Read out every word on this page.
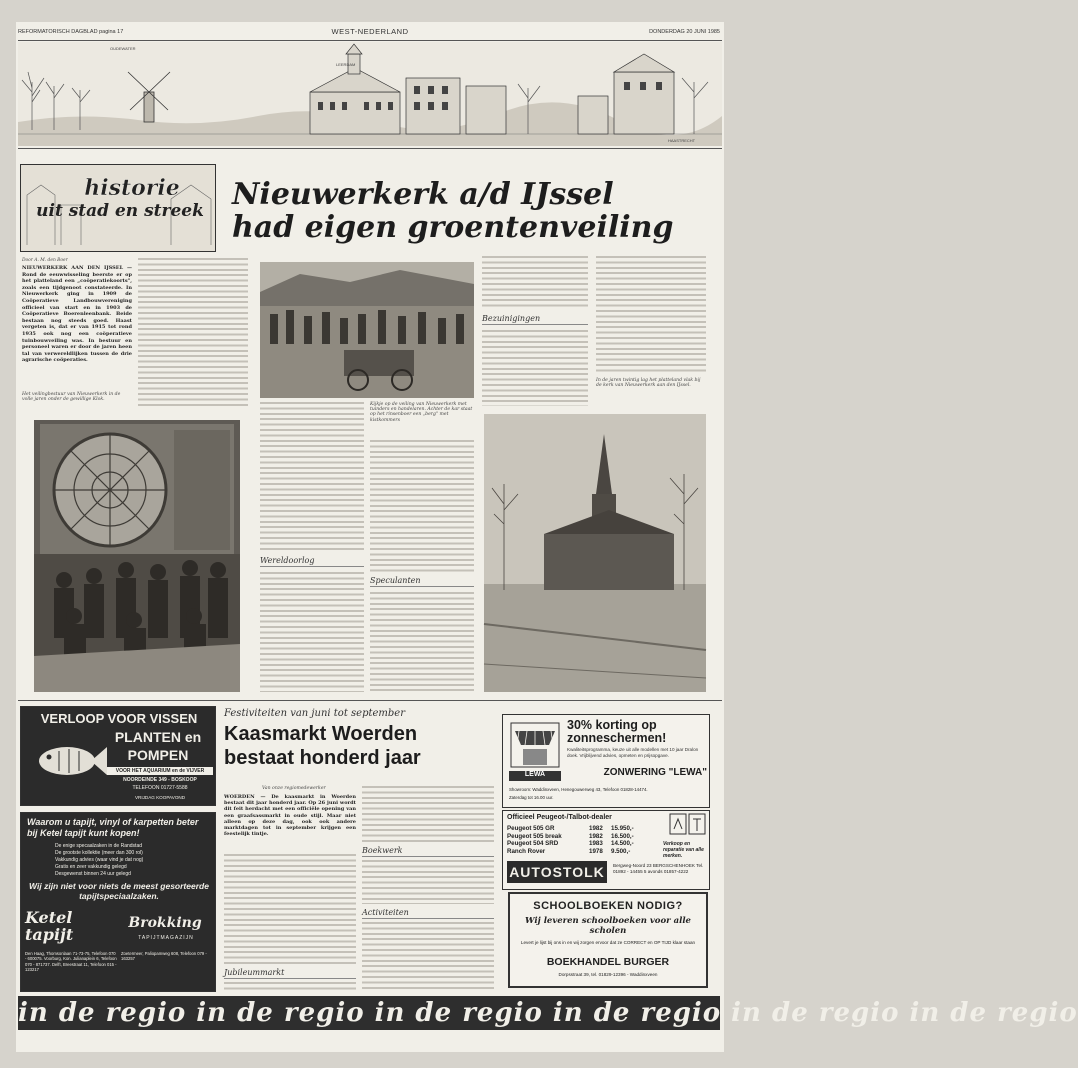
REFORMATORISCH DAGBLAD pagina 17	WEST-NEDERLAND	DONDERDAG 20 JUNI 1985
OUDEWATER
LEERDAM
HAASTRECHT
historie
uit stad en streek Nieuwerkerk a/d IJssel
had eigen groentenveiling
Door A. M. den Boer
NIEUWERKERK AAN DEN IJSSEL — Rond de eeuwwisseling beerste er op het platteland een „coöperatiekoorts", zoals een tijdgenoot constateerde. In Nieuwerkerk ging in 1909 de Coöperatieve Landbouwvereniging officieel van start en in 1903 de Coöperatieve Boerenleenbank. Beide bestaan nog steeds goed. Haast vergeten is, dat er van 1915 tot rond 1935 ook nog een coöperatieve tuinbouwveiling was. In bestuur en personeel waren er door de jaren heen tal van verwereldlijken tussen de drie agrarische coöperaties.
Het veilingbestuur van Nieuwerkerk in de volle jaren onder de gewillige Klok.
Kijkje op de veiling van Nieuwerkerk met tuinders en handelaren. Achter de kar staat op het rinsenboer een „berg" met kistkommers
Wereldoorlog
Speculanten
Bezuinigingen
In de jaren twintig lag het platteland vlak bij de kerk van Nieuwerkerk aan den IJssel.
VERLOOP VOOR VISSEN
PLANTEN en
POMPEN
VOOR HET AQUARIUM en de VIJVER
NOORDEINDE 349 - BOSKOOP
TELEFOON 01727-5588
VRIJDAG KOOPAVOND
Waarom u tapijt, vinyl of karpetten beter bij Ketel tapijt kunt kopen!
De enige specaalzaken in de Randstad
De grootste kollektie (meer dan 300 rol)
Vakkundig advies (waar vind je dat nog)
Gratis en zeer vakkundig gelegd
Desgewenst binnen 24 uur gelegd
Wij zijn niet voor niets de meest gesorteerde tapijtspeciaalzaken.
Ketel tapijt
Brokking
TAPIJTMAGAZIJN
Den Haag, Thomsonlaan 71-73-75, Telefoon 070 - 600075. Voorburg, Kon. Julianaplein 6, Telefoon 070 - 871737. Delft, Breestraat 11, Telefoon 015 - 123217
Zoetermeer, Paliopamweg 608, Telefoon 079 - 163257
Festiviteiten van juni tot september
Kaasmarkt Woerden
bestaat honderd jaar
Van onze regiomedewerker
WOERDEN — De kaasmarkt in Woerden bestaat dit jaar honderd jaar. Op 26 juni wordt dit feit herdacht met een officiële opening van een graafsassmarkt in oude stijl. Maar niet alleen op deze dag, ook ook andere marktdagen tot in september krijgen een feestelijk tintje.
Jubileummarkt
Boekwerk
Activiteiten
LEWA
30% korting op zonneschermen!
Kwaliteitsprogramma, keuze uit alle modellen met 10 jaar Dralon doek. Vrijblijvend advies, opmeten en prijsopgave.
ZONWERING "LEWA"
Showroom: Waddinxveen, Henegouwerweg 43, Telefoon 01828-14474.
Zaterdag tot 16.00 uur.
Officieel Peugeot-/Talbot-dealer
Peugeot 505 GR	1982	15.950,-
Peugeot 505 break	1982	16.500,-
Peugeot 504 SRD	1983	14.500,-
Ranch Rover	1978	9.500,-
Verkoop en reparatie van alle merken.
AUTOSTOLK	Bergweg-Noord 23 BERGSCHENHOEK Tel. 01892 - 14455 5 avonds 01857-4222
SCHOOLBOEKEN NODIG?
Wij leveren schoolboeken voor alle scholen
Levert je lijst bij ons in en wij zorgen ervoor dat ze CORRECT en OP TIJD klaar staan
BOEKHANDEL BURGER
Dorpsstraat 39, tel. 01829-12396 - Waddinxveen
in de regio in de regio in de regio in de regio in de regio in de regio
